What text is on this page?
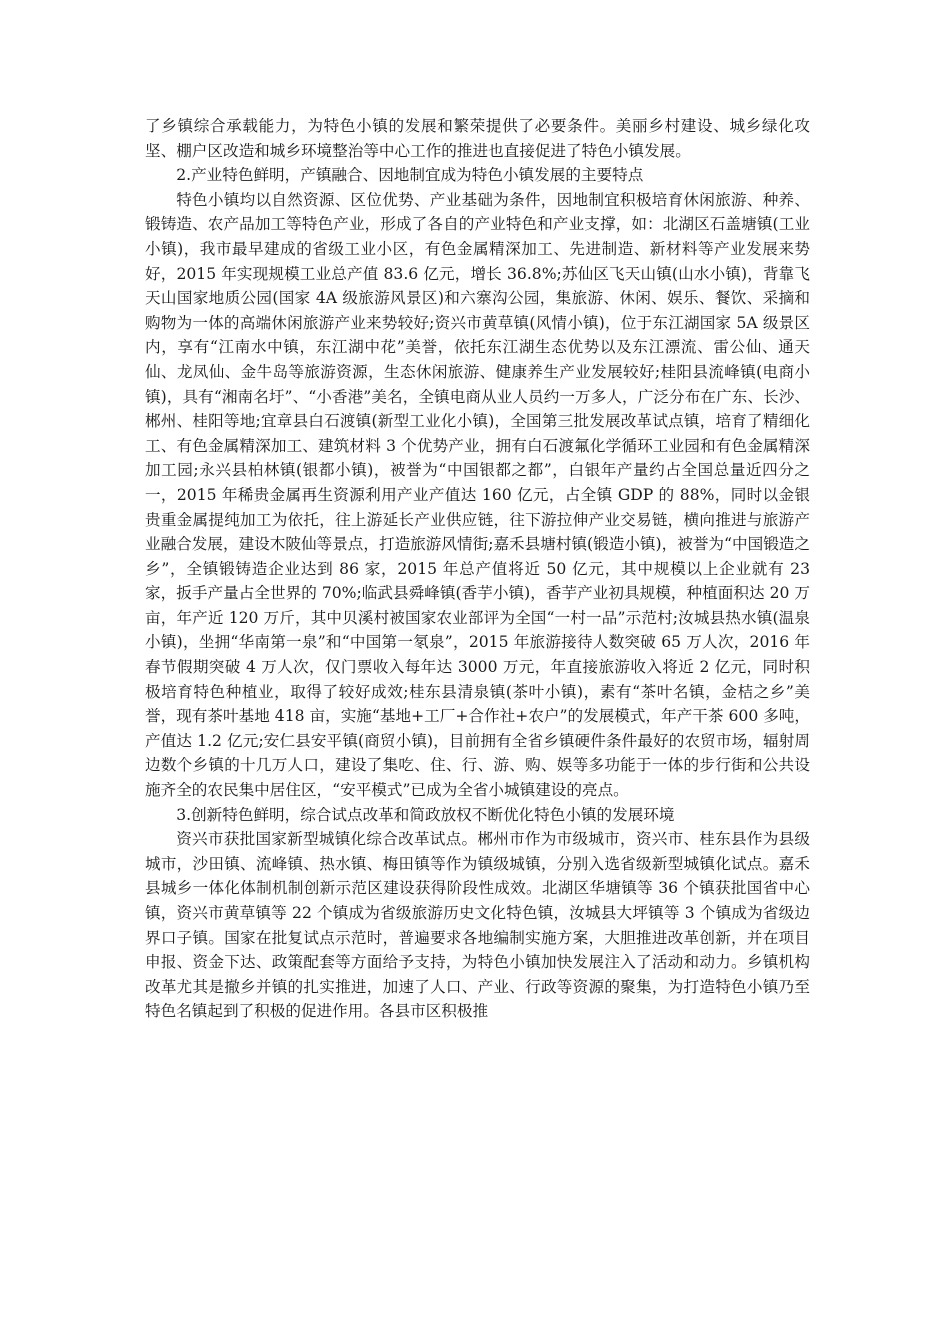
了乡镇综合承载能力，为特色小镇的发展和繁荣提供了必要条件。美丽乡村建设、城乡绿化攻坚、棚户区改造和城乡环境整治等中心工作的推进也直接促进了特色小镇发展。

2.产业特色鲜明，产镇融合、因地制宜成为特色小镇发展的主要特点

特色小镇均以自然资源、区位优势、产业基础为条件，因地制宜积极培育休闲旅游、种养、锻铸造、农产品加工等特色产业，形成了各自的产业特色和产业支撑，如：北湖区石盖塘镇(工业小镇)，我市最早建成的省级工业小区，有色金属精深加工、先进制造、新材料等产业发展来势好，2015 年实现规模工业总产值 83.6 亿元，增长 36.8%;苏仙区飞天山镇(山水小镇)，背靠飞天山国家地质公园(国家 4A 级旅游风景区)和六寨沟公园，集旅游、休闲、娱乐、餐饮、采摘和购物为一体的高端休闲旅游产业来势较好;资兴市黄草镇(风情小镇)，位于东江湖国家 5A 级景区内，享有“江南水中镇，东江湖中花”美誉，依托东江湖生态优势以及东江漂流、雷公仙、通天仙、龙凤仙、金牛岛等旅游资源，生态休闲旅游、健康养生产业发展较好;桂阳县流峰镇(电商小镇)，具有“湘南名圩”、“小香港”美名，全镇电商从业人员约一万多人，广泛分布在广东、长沙、郴州、桂阳等地;宜章县白石渡镇(新型工业化小镇)，全国第三批发展改革试点镇，培育了精细化工、有色金属精深加工、建筑材料 3 个优势产业，拥有白石渡氟化学循环工业园和有色金属精深加工园;永兴县柏林镇(银都小镇)，被誉为“中国银都之都”，白银年产量约占全国总量近四分之一，2015 年稀贵金属再生资源利用产业产值达 160 亿元，占全镇 GDP 的 88%，同时以金银贵重金属提纯加工为依托，往上游延长产业供应链，往下游拉伸产业交易链，横向推进与旅游产业融合发展，建设木陂仙等景点，打造旅游风情街;嘉禾县塘村镇(锻造小镇)，被誉为“中国锻造之乡”，全镇锻铸造企业达到 86 家，2015 年总产值将近 50 亿元，其中规模以上企业就有 23 家，扳手产量占全世界的 70%;临武县舜峰镇(香芋小镇)，香芋产业初具规模，种植面积达 20 万亩，年产近 120 万斤，其中贝溪村被国家农业部评为全国“一村一品”示范村;汝城县热水镇(温泉小镇)，坐拥“华南第一泉”和“中国第一氡泉”，2015 年旅游接待人数突破 65 万人次，2016 年春节假期突破 4 万人次，仅门票收入每年达 3000 万元，年直接旅游收入将近 2 亿元，同时积极培育特色种植业，取得了较好成效;桂东县清泉镇(茶叶小镇)，素有“茶叶名镇，金桔之乡”美誉，现有茶叶基地 418 亩，实施“基地+工厂+合作社+农户”的发展模式，年产干茶 600 多吨，产值达 1.2 亿元;安仁县安平镇(商贸小镇)，目前拥有全省乡镇硬件条件最好的农贸市场，辐射周边数个乡镇的十几万人口，建设了集吃、住、行、游、购、娱等多功能于一体的步行街和公共设施齐全的农民集中居住区，“安平模式”已成为全省小城镇建设的亮点。

3.创新特色鲜明，综合试点改革和简政放权不断优化特色小镇的发展环境

资兴市获批国家新型城镇化综合改革试点。郴州市作为市级城市，资兴市、桂东县作为县级城市，沙田镇、流峰镇、热水镇、梅田镇等作为镇级城镇，分别入选省级新型城镇化试点。嘉禾县城乡一体化体制机制创新示范区建设获得阶段性成效。北湖区华塘镇等 36 个镇获批国省中心镇，资兴市黄草镇等 22 个镇成为省级旅游历史文化特色镇，汝城县大坪镇等 3 个镇成为省级边界口子镇。国家在批复试点示范时，普遍要求各地编制实施方案，大胆推进改革创新，并在项目申报、资金下达、政策配套等方面给予支持，为特色小镇加快发展注入了活动和动力。乡镇机构改革尤其是撤乡并镇的扎实推进，加速了人口、产业、行政等资源的聚集，为打造特色小镇乃至特色名镇起到了积极的促进作用。各县市区积极推
